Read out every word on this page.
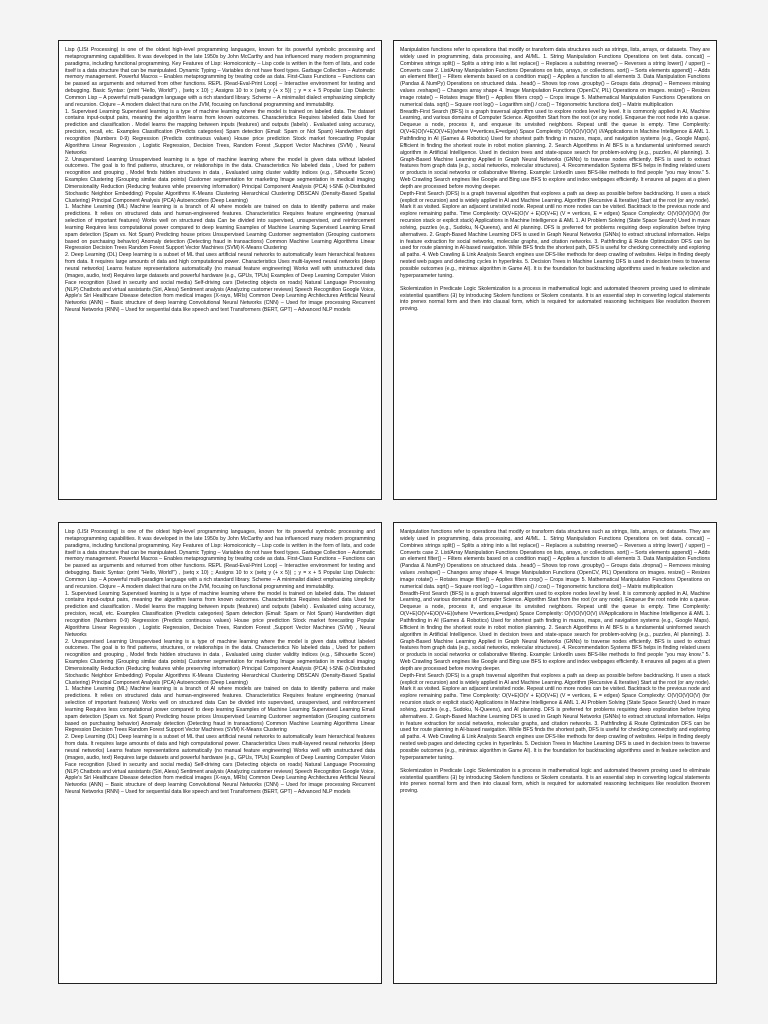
Lisp (LISt Processing) is one of the oldest high-level programming languages, known for its powerful symbolic processing and metaprogramming capabilities. It was developed in the late 1950s by John McCarthy and has influenced many modern programming paradigms, including functional programming. Key Features of Lisp: Homoiconicity – Lisp code is written in the form of lists, and code itself is a data structure that can be manipulated. Dynamic Typing – Variables do not have fixed types. Garbage Collection – Automatic memory management. Powerful Macros – Enables metaprogramming by treating code as data. First-Class Functions – Functions can be passed as arguments and returned from other functions. REPL (Read-Eval-Print Loop) – Interactive environment for testing and debugging. Basic Syntax: (print "Hello, World!") , (setq x 10) ;; Assigns 10 to x (setq y (+ x 5)) ;; y = x + 5 Popular Lisp Dialects: Common Lisp – A powerful multi-paradigm language with a rich standard library. Scheme – A minimalist dialect emphasizing simplicity and recursion. Clojure – A modern dialect that runs on the JVM, focusing on functional programming and immutability.

1. Supervised Learning Supervised learning is a type of machine learning where the model is trained on labeled data. The dataset contains input-output pairs, meaning the algorithm learns from known outcomes. Characteristics Requires labeled data Used for prediction and classification . Model learns the mapping between inputs (features) and outputs (labels) . Evaluated using accuracy, precision, recall, etc. Examples Classification (Predicts categories) Spam detection (Email: Spam or Not Spam) Handwritten digit recognition (Numbers 0-9) Regression (Predicts continuous values) House price prediction Stock market forecasting Popular Algorithms Linear Regression , Logistic Regression, Decision Trees, Random Forest ,Support Vector Machines (SVM) , Neural Networks

2. Unsupervised Learning Unsupervised learning is a type of machine learning where the model is given data without labeled outcomes. The goal is to find patterns, structures, or relationships in the data. Characteristics No labeled data , Used for pattern recognition and grouping , Model finds hidden structures in data , Evaluated using cluster validity indices (e.g., Silhouette Score) Examples Clustering (Grouping similar data points) Customer segmentation for marketing Image segmentation in medical imaging Dimensionality Reduction (Reducing features while preserving information) Principal Component Analysis (PCA) t-SNE (t-Distributed Stochastic Neighbor Embedding) Popular Algorithms K-Means Clustering Hierarchical Clustering DBSCAN (Density-Based Spatial Clustering) Principal Component Analysis (PCA) Autoencoders (Deep Learning)

1. Machine Learning (ML) Machine learning is a branch of AI where models are trained on data to identify patterns and make predictions. It relies on structured data and human-engineered features. Characteristics Requires feature engineering (manual selection of important features) Works well on structured data Can be divided into supervised, unsupervised, and reinforcement learning Requires less computational power compared to deep learning Examples of Machine Learning Supervised Learning Email spam detection (Spam vs. Not Spam) Predicting house prices Unsupervised Learning Customer segmentation (Grouping customers based on purchasing behavior) Anomaly detection (Detecting fraud in transactions) Common Machine Learning Algorithms Linear Regression Decision Trees Random Forest Support Vector Machines (SVM) K-Means Clustering

2. Deep Learning (DL) Deep learning is a subset of ML that uses artificial neural networks to automatically learn hierarchical features from data. It requires large amounts of data and high computational power. Characteristics Uses multi-layered neural networks (deep neural networks) Learns feature representations automatically (no manual feature engineering) Works well with unstructured data (images, audio, text) Requires large datasets and powerful hardware (e.g., GPUs, TPUs) Examples of Deep Learning Computer Vision Face recognition (Used in security and social media) Self-driving cars (Detecting objects on roads) Natural Language Processing (NLP) Chatbots and virtual assistants (Siri, Alexa) Sentiment analysis (Analyzing customer reviews) Speech Recognition Google Voice, Apple's Siri Healthcare Disease detection from medical images (X-rays, MRIs) Common Deep Learning Architectures Artificial Neural Networks (ANN) – Basic structure of deep learning Convolutional Neural Networks (CNN) – Used for image processing Recurrent Neural Networks (RNN) – Used for sequential data like speech and text Transformers (BERT, GPT) – Advanced NLP models

Manipulation functions refer to operations that modify or transform data structures such as strings, lists, arrays, or datasets. They are widely used in programming, data processing, and AI/ML. 1. String Manipulation Functions Operations on text data. concat() – Combines strings split() – Splits a string into a list replace() – Replaces a substring reverse() – Reverses a string lower() / upper() – Converts case 2. List/Array Manipulation Functions Operations on lists, arrays, or collections. sort() – Sorts elements append() – Adds an element filter() – Filters elements based on a condition map() – Applies a function to all elements 3. Data Manipulation Functions (Pandas & NumPy) Operations on structured data. .head() – Shows top rows .groupby() – Groups data .dropna() – Removes missing values .reshape() – Changes array shape 4. Image Manipulation Functions (OpenCV, PIL) Operations on images. resize() – Resizes image rotate() – Rotates image filter() – Applies filters crop() – Crops image 5. Mathematical Manipulation Functions Operations on numerical data. sqrt() – Square root log() – Logarithm sin() / cos() – Trigonometric functions dot() – Matrix multiplication

Breadth-First Search (BFS) is a graph traversal algorithm used to explore nodes level by level. It is commonly applied in AI, Machine Learning, and various domains of Computer Science. Algorithm Start from the root (or any node). Enqueue the root node into a queue. Dequeue a node, process it, and enqueue its unvisited neighbors. Repeat until the queue is empty. Time Complexity: O(V+E)O(V+E)O(V+E)(where V=vertices,E=edges) Space Complexity: O(V)O(V)O(V) ////Applications in Machine Intelligence & AML 1. Pathfinding in AI (Games & Robotics) Used for shortest path finding in mazes, maps, and navigation systems (e.g., Google Maps). Efficient in finding the shortest route in robot motion planning. 2. Search Algorithms in AI BFS is a fundamental uninformed search algorithm in Artificial Intelligence. Used in decision trees and state-space search for problem-solving (e.g., puzzles, AI planning). 3. Graph-Based Machine Learning Applied in Graph Neural Networks (GNNs) to traverse nodes efficiently. BFS is used to extract features from graph data (e.g., social networks, molecular structures). 4. Recommendation Systems BFS helps in finding related users or products in social networks or collaborative filtering. Example: LinkedIn uses BFS-like methods to find people "you may know." 5. Web Crawling Search engines like Google and Bing use BFS to explore and index webpages efficiently. It ensures all pages at a given depth are processed before moving deeper.

Depth-First Search (DFS) is a graph traversal algorithm that explores a path as deep as possible before backtracking. It uses a stack (explicit or recursion) and is widely applied in AI and Machine Learning. Algorithm (Recursive & Iterative) Start at the root (or any node). Mark it as visited. Explore an adjacent unvisited node. Repeat until no more nodes can be visited. Backtrack to the previous node and explore remaining paths. Time Complexity: O(V+E)O(V + E)O(V+E) (V = vertices, E = edges) Space Complexity: O(V)O(V)O(V) (for recursion stack or explicit stack) Applications in Machine Intelligence & AML 1. AI Problem Solving (State Space Search) Used in maze solving, puzzles (e.g., Sudoku, N-Queens), and AI planning. DFS is preferred for problems requiring deep exploration before trying alternatives. 2. Graph-Based Machine Learning DFS is used in Graph Neural Networks (GNNs) to extract structural information. Helps in feature extraction for social networks, molecular graphs, and citation networks. 3. Pathfinding & Route Optimization DFS can be used for route planning in AI-based navigation. While BFS finds the shortest path, DFS is useful for checking connectivity and exploring all paths. 4. Web Crawling & Link Analysis Search engines use DFS-like methods for deep crawling of websites. Helps in finding deeply nested web pages and detecting cycles in hyperlinks. 5. Decision Trees in Machine Learning DFS is used in decision trees to traverse possible outcomes (e.g., minimax algorithm in Game AI). It is the foundation for backtracking algorithms used in feature selection and hyperparameter tuning.

Skolemization in Predicate Logic Skolemization is a process in mathematical logic and automated theorem proving used to eliminate existential quantifiers (∃) by introducing Skolem functions or Skolem constants. It is an essential step in converting logical statements into prenex normal form and then into clausal form, which is required for automated reasoning techniques like resolution theorem proving.

Lisp (LISt Processing) is one of the oldest high-level programming languages, known for its powerful symbolic processing and metaprogramming capabilities. It was developed in the late 1950s by John McCarthy and has influenced many modern programming paradigms, including functional programming. Key Features of Lisp: Homoiconicity – Lisp code is written in the form of lists, and code itself is a data structure that can be manipulated. Dynamic Typing – Variables do not have fixed types. Garbage Collection – Automatic memory management. Powerful Macros – Enables metaprogramming by treating code as data. First-Class Functions – Functions can be passed as arguments and returned from other functions. REPL (Read-Eval-Print Loop) – Interactive environment for testing and debugging. Basic Syntax: (print "Hello, World!") , (setq x 10) ;; Assigns 10 to x (setq y (+ x 5)) ;; y = x + 5 Popular Lisp Dialects: Common Lisp – A powerful multi-paradigm language with a rich standard library. Scheme – A minimalist dialect emphasizing simplicity and recursion. Clojure – A modern dialect that runs on the JVM, focusing on functional programming and immutability.

1. Supervised Learning Supervised learning is a type of machine learning where the model is trained on labeled data. The dataset contains input-output pairs, meaning the algorithm learns from known outcomes. Characteristics Requires labeled data Used for prediction and classification . Model learns the mapping between inputs (features) and outputs (labels) . Evaluated using accuracy, precision, recall, etc. Examples Classification (Predicts categories) Spam detection (Email: Spam or Not Spam) Handwritten digit recognition (Numbers 0-9) Regression (Predicts continuous values) House price prediction Stock market forecasting Popular Algorithms Linear Regression , Logistic Regression, Decision Trees, Random Forest ,Support Vector Machines (SVM) , Neural Networks

2. Unsupervised Learning Unsupervised learning is a type of machine learning where the model is given data without labeled outcomes. The goal is to find patterns, structures, or relationships in the data. Characteristics No labeled data , Used for pattern recognition and grouping , Model finds hidden structures in data , Evaluated using cluster validity indices (e.g., Silhouette Score) Examples Clustering (Grouping similar data points) Customer segmentation for marketing Image segmentation in medical imaging Dimensionality Reduction (Reducing features while preserving information) Principal Component Analysis (PCA) t-SNE (t-Distributed Stochastic Neighbor Embedding) Popular Algorithms K-Means Clustering Hierarchical Clustering DBSCAN (Density-Based Spatial Clustering) Principal Component Analysis (PCA) Autoencoders (Deep Learning)

1. Machine Learning (ML) Machine learning is a branch of AI where models are trained on data to identify patterns and make predictions. It relies on structured data and human-engineered features. Characteristics Requires feature engineering (manual selection of important features) Works well on structured data Can be divided into supervised, unsupervised, and reinforcement learning Requires less computational power compared to deep learning Examples of Machine Learning Supervised Learning Email spam detection (Spam vs. Not Spam) Predicting house prices Unsupervised Learning Customer segmentation (Grouping customers based on purchasing behavior) Anomaly detection (Detecting fraud in transactions) Common Machine Learning Algorithms Linear Regression Decision Trees Random Forest Support Vector Machines (SVM) K-Means Clustering

2. Deep Learning (DL) Deep learning is a subset of ML that uses artificial neural networks to automatically learn hierarchical features from data. It requires large amounts of data and high computational power. Characteristics Uses multi-layered neural networks (deep neural networks) Learns feature representations automatically (no manual feature engineering) Works well with unstructured data (images, audio, text) Requires large datasets and powerful hardware (e.g., GPUs, TPUs) Examples of Deep Learning Computer Vision Face recognition (Used in security and social media) Self-driving cars (Detecting objects on roads) Natural Language Processing (NLP) Chatbots and virtual assistants (Siri, Alexa) Sentiment analysis (Analyzing customer reviews) Speech Recognition Google Voice, Apple's Siri Healthcare Disease detection from medical images (X-rays, MRIs) Common Deep Learning Architectures Artificial Neural Networks (ANN) – Basic structure of deep learning Convolutional Neural Networks (CNN) – Used for image processing Recurrent Neural Networks (RNN) – Used for sequential data like speech and text Transformers (BERT, GPT) – Advanced NLP models

Manipulation functions refer to operations that modify or transform data structures such as strings, lists, arrays, or datasets. They are widely used in programming, data processing, and AI/ML. 1. String Manipulation Functions Operations on text data. concat() – Combines strings split() – Splits a string into a list replace() – Replaces a substring reverse() – Reverses a string lower() / upper() – Converts case 2. List/Array Manipulation Functions Operations on lists, arrays, or collections. sort() – Sorts elements append() – Adds an element filter() – Filters elements based on a condition map() – Applies a function to all elements 3. Data Manipulation Functions (Pandas & NumPy) Operations on structured data. .head() – Shows top rows .groupby() – Groups data .dropna() – Removes missing values .reshape() – Changes array shape 4. Image Manipulation Functions (OpenCV, PIL) Operations on images. resize() – Resizes image rotate() – Rotates image filter() – Applies filters crop() – Crops image 5. Mathematical Manipulation Functions Operations on numerical data. sqrt() – Square root log() – Logarithm sin() / cos() – Trigonometric functions dot() – Matrix multiplication

Breadth-First Search (BFS) is a graph traversal algorithm used to explore nodes level by level. It is commonly applied in AI, Machine Learning, and various domains of Computer Science. Algorithm Start from the root (or any node). Enqueue the root node into a queue. Dequeue a node, process it, and enqueue its unvisited neighbors. Repeat until the queue is empty. Time Complexity: O(V+E)O(V+E)O(V+E)(where V=vertices,E=edges) Space Complexity: O(V)O(V)O(V) ////Applications in Machine Intelligence & AML 1. Pathfinding in AI (Games & Robotics) Used for shortest path finding in mazes, maps, and navigation systems (e.g., Google Maps). Efficient in finding the shortest route in robot motion planning. 2. Search Algorithms in AI BFS is a fundamental uninformed search algorithm in Artificial Intelligence. Used in decision trees and state-space search for problem-solving (e.g., puzzles, AI planning). 3. Graph-Based Machine Learning Applied in Graph Neural Networks (GNNs) to traverse nodes efficiently. BFS is used to extract features from graph data (e.g., social networks, molecular structures). 4. Recommendation Systems BFS helps in finding related users or products in social networks or collaborative filtering. Example: LinkedIn uses BFS-like methods to find people "you may know." 5. Web Crawling Search engines like Google and Bing use BFS to explore and index webpages efficiently. It ensures all pages at a given depth are processed before moving deeper.

Depth-First Search (DFS) is a graph traversal algorithm that explores a path as deep as possible before backtracking. It uses a stack (explicit or recursion) and is widely applied in AI and Machine Learning. Algorithm (Recursive & Iterative) Start at the root (or any node). Mark it as visited. Explore an adjacent unvisited node. Repeat until no more nodes can be visited. Backtrack to the previous node and explore remaining paths. Time Complexity: O(V+E)O(V + E)O(V+E) (V = vertices, E = edges) Space Complexity: O(V)O(V)O(V) (for recursion stack or explicit stack) Applications in Machine Intelligence & AML 1. AI Problem Solving (State Space Search) Used in maze solving, puzzles (e.g., Sudoku, N-Queens), and AI planning. DFS is preferred for problems requiring deep exploration before trying alternatives. 2. Graph-Based Machine Learning DFS is used in Graph Neural Networks (GNNs) to extract structural information. Helps in feature extraction for social networks, molecular graphs, and citation networks. 3. Pathfinding & Route Optimization DFS can be used for route planning in AI-based navigation. While BFS finds the shortest path, DFS is useful for checking connectivity and exploring all paths. 4. Web Crawling & Link Analysis Search engines use DFS-like methods for deep crawling of websites. Helps in finding deeply nested web pages and detecting cycles in hyperlinks. 5. Decision Trees in Machine Learning DFS is used in decision trees to traverse possible outcomes (e.g., minimax algorithm in Game AI). It is the foundation for backtracking algorithms used in feature selection and hyperparameter tuning.

Skolemization in Predicate Logic Skolemization is a process in mathematical logic and automated theorem proving used to eliminate existential quantifiers (∃) by introducing Skolem functions or Skolem constants. It is an essential step in converting logical statements into prenex normal form and then into clausal form, which is required for automated reasoning techniques like resolution theorem proving.
